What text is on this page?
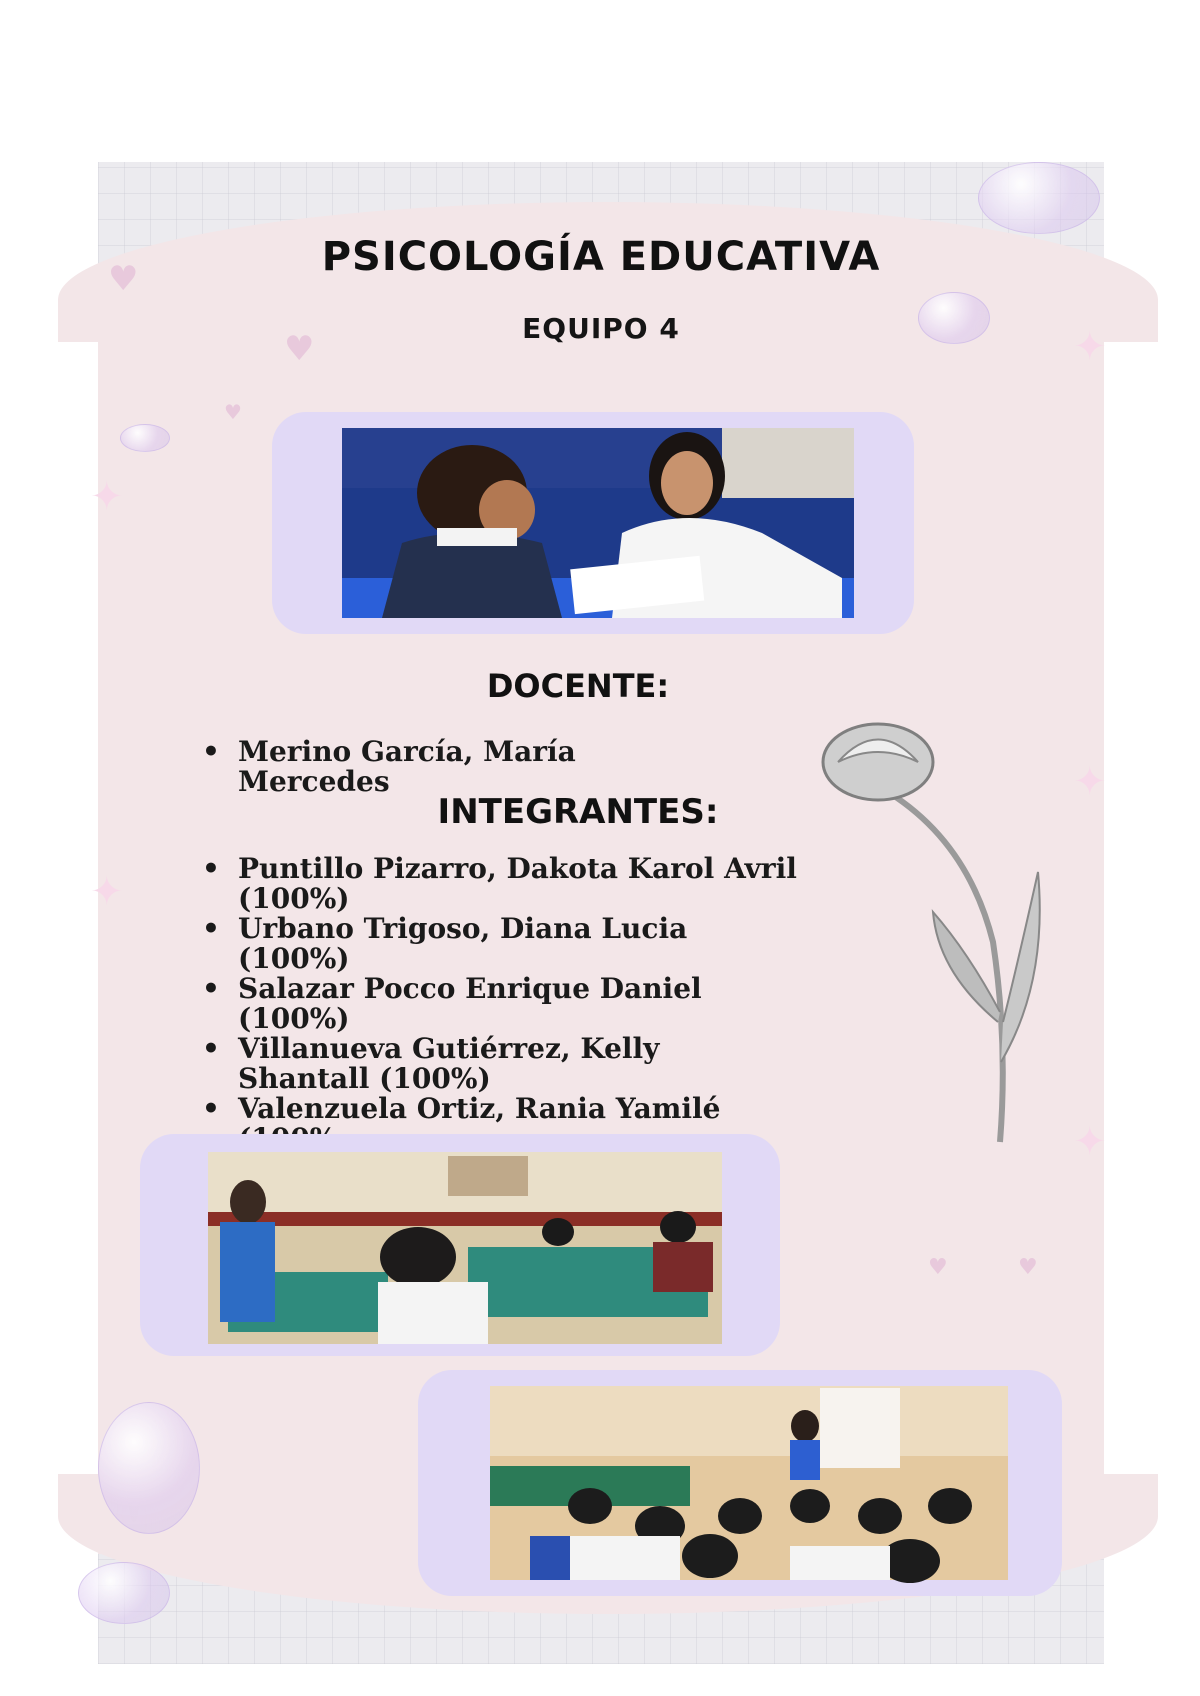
♥
♥
♥
♥	♥
✦
✦
✦
✦
✦
PSICOLOGÍA EDUCATIVA
EQUIPO 4
DOCENTE:
• Merino García, María Mercedes
INTEGRANTES:
• Puntillo Pizarro, Dakota Karol Avril (100%)
• Urbano Trigoso, Diana Lucia (100%)
• Salazar Pocco Enrique Daniel (100%)
• Villanueva Gutiérrez, Kelly Shantall (100%)
• Valenzuela Ortiz, Rania Yamilé
